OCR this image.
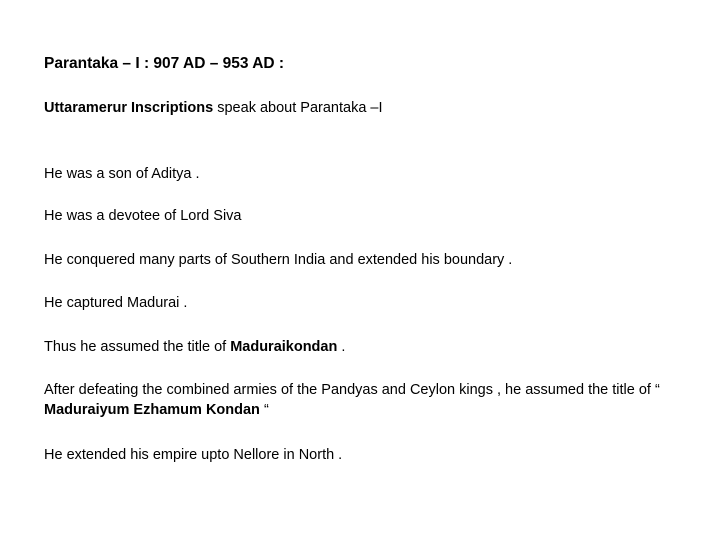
Parantaka – I : 907 AD – 953 AD :
Uttaramerur Inscriptions speak about Parantaka –I
He was a son of Aditya .
He was a devotee of Lord Siva
He conquered many parts of Southern India and extended his boundary .
He captured Madurai .
Thus he assumed the title of Maduraikondan .
After defeating the combined armies of the Pandyas and Ceylon kings , he assumed the title of “ Maduraiyum Ezhamum Kondan “
He extended his empire upto Nellore in North .
